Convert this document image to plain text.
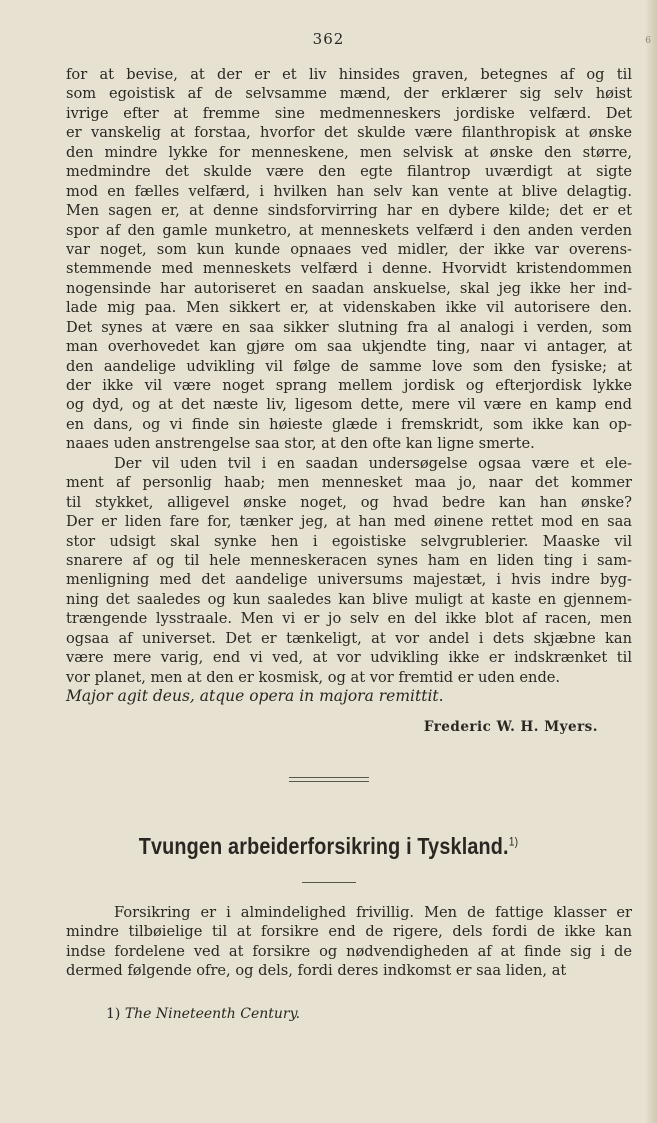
6
362
for at bevise, at der er et liv hinsides graven, betegnes af og til
som egoistisk af de selvsamme mænd, der erklærer sig selv høist
ivrige efter at fremme sine medmenneskers jordiske velfærd. Det
er vanskelig at forstaa, hvorfor det skulde være filanthropisk at ønske
den mindre lykke for menneskene, men selvisk at ønske den større,
medmindre det skulde være den egte filantrop uværdigt at sigte
mod en fælles velfærd, i hvilken han selv kan vente at blive delagtig.
Men sagen er, at denne sindsforvirring har en dybere kilde; det er et
spor af den gamle munketro, at menneskets velfærd i den anden verden
var noget, som kun kunde opnaaes ved midler, der ikke var overens-
stemmende med menneskets velfærd i denne. Hvorvidt kristendommen
nogensinde har autoriseret en saadan anskuelse, skal jeg ikke her ind-
lade mig paa. Men sikkert er, at videnskaben ikke vil autorisere den.
Det synes at være en saa sikker slutning fra al analogi i verden, som
man overhovedet kan gjøre om saa ukjendte ting, naar vi antager, at
den aandelige udvikling vil følge de samme love som den fysiske; at
der ikke vil være noget sprang mellem jordisk og efterjordisk lykke
og dyd, og at det næste liv, ligesom dette, mere vil være en kamp end
en dans, og vi finde sin høieste glæde i fremskridt, som ikke kan op-
naaes uden anstrengelse saa stor, at den ofte kan ligne smerte.
Der vil uden tvil i en saadan undersøgelse ogsaa være et ele-
ment af personlig haab; men mennesket maa jo, naar det kommer
til stykket, alligevel ønske noget, og hvad bedre kan han ønske?
Der er liden fare for, tænker jeg, at han med øinene rettet mod en saa
stor udsigt skal synke hen i egoistiske selvgrublerier. Maaske vil
snarere af og til hele menneskeracen synes ham en liden ting i sam-
menligning med det aandelige universums majestæt, i hvis indre byg-
ning det saaledes og kun saaledes kan blive muligt at kaste en gjennem-
trængende lysstraale. Men vi er jo selv en del ikke blot af racen, men
ogsaa af universet. Det er tænkeligt, at vor andel i dets skjæbne kan
være mere varig, end vi ved, at vor udvikling ikke er indskrænket til
vor planet, men at den er kosmisk, og at vor fremtid er uden ende.
Major agit deus, atque opera in majora remittit.
Frederic W. H. Myers.
Tvungen arbeiderforsikring i Tyskland.$^{1)}$
Forsikring er i almindelighed frivillig. Men de fattige klasser er
mindre tilbøielige til at forsikre end de rigere, dels fordi de ikke kan
indse fordelene ved at forsikre og nødvendigheden af at finde sig i de
dermed følgende ofre, og dels, fordi deres indkomst er saa liden, at
1) The Nineteenth Century.
